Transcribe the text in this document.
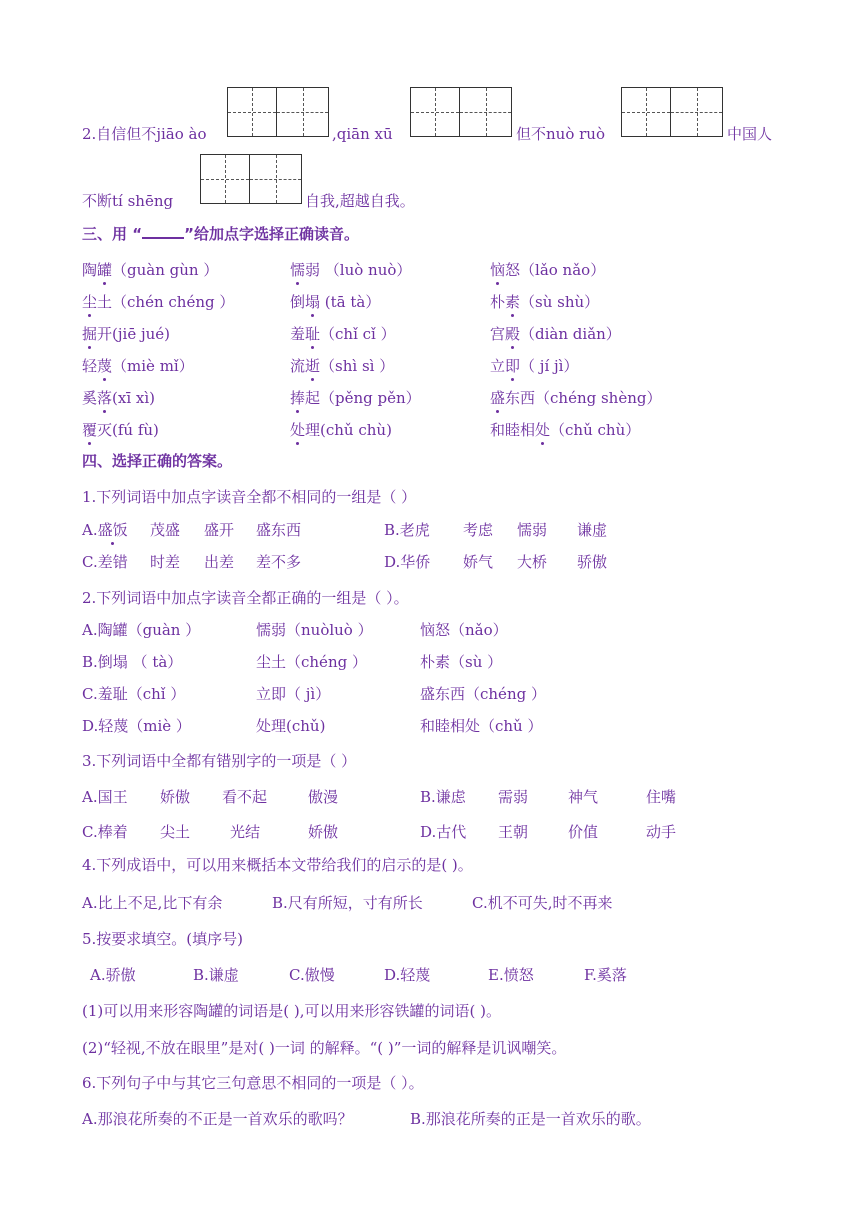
2.自信但不jiāo ào	,qiān xū	但不nuò ruò	中国人
不断tí shēng	自我,超越自我。
三、用 “	”给加点字选择正确读音。
陶罐（guàn gùn ）	懦弱 （luò nuò）	恼怒（lǎo nǎo）
尘土（chén chéng ）	倒塌 (tā tà）	朴素（sù shù）
掘开(jiē jué)	羞耻（chǐ cǐ ）	宫殿（diàn diǎn）
轻蔑（miè mǐ）	流逝（shì sì ）	立即（ jí jì）
奚落(xī xì)	捧起（pěng pěn）	盛东西（chéng shèng）
覆灭(fú fù)	处理(chǔ chù)	和睦相处（chǔ chù）
四、选择正确的答案。
1.下列词语中加点字读音全都不相同的一组是（ ）
A.盛饭 茂盛 盛开 盛东西	B.老虎 考虑 懦弱 谦虚
C.差错 时差 出差 差不多	D.华侨 娇气 大桥 骄傲
2.下列词语中加点字读音全都正确的一组是（ ）。
A.陶罐（guàn ）	懦弱（nuòluò ）	恼怒（nǎo）
B.倒塌 （ tà）	尘土（chéng ）	朴素（sù ）
C.羞耻（chǐ ）	立即（ jì）	盛东西（chéng ）
D.轻蔑（miè ）	处理(chǔ)	和睦相处（chǔ ）
3.下列词语中全都有错别字的一项是（ ）
A.国王 娇傲 看不起	傲漫	B.谦虑 需弱	神气	住嘴
C.棒着 尖土	光结	娇傲	D.古代 王朝	价值	动手
4.下列成语中，可以用来概括本文带给我们的启示的是( )。
A.比上不足,比下有余	B.尺有所短，寸有所长	C.机不可失,时不再来
5.按要求填空。(填序号)
A.骄傲	B.谦虚	C.傲慢	D.轻蔑	E.愤怒	F.奚落
(1)可以用来形容陶罐的词语是( ),可以用来形容铁罐的词语( )。
(2)“轻视,不放在眼里”是对( )一词 的解释。“( )”一词的解释是讥讽嘲笑。
6.下列句子中与其它三句意思不相同的一项是（ ）。
A.那浪花所奏的不正是一首欢乐的歌吗？	B.那浪花所奏的正是一首欢乐的歌。
